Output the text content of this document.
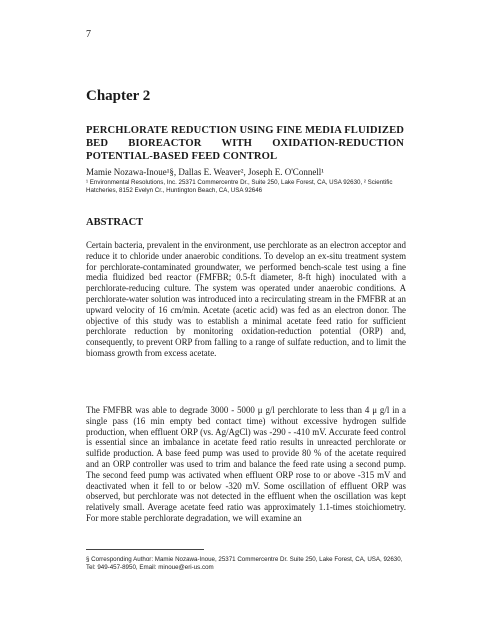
7
Chapter 2
PERCHLORATE REDUCTION USING FINE MEDIA FLUIDIZED BED BIOREACTOR WITH OXIDATION-REDUCTION POTENTIAL-BASED FEED CONTROL
Mamie Nozawa-Inoue¹§, Dallas E. Weaver², Joseph E. O'Connell¹
¹ Environmental Resolutions, Inc. 25371 Commercentre Dr., Suite 250, Lake Forest, CA, USA 92630, ² Scientific Hatcheries, 8152 Evelyn Cr., Huntington Beach, CA, USA 92646
ABSTRACT

Certain bacteria, prevalent in the environment, use perchlorate as an electron acceptor and reduce it to chloride under anaerobic conditions. To develop an ex-situ treatment system for perchlorate-contaminated groundwater, we performed bench-scale test using a fine media fluidized bed reactor (FMFBR; 0.5-ft diameter, 8-ft high) inoculated with a perchlorate-reducing culture. The system was operated under anaerobic conditions. A perchlorate-water solution was introduced into a recirculating stream in the FMFBR at an upward velocity of 16 cm/min. Acetate (acetic acid) was fed as an electron donor. The objective of this study was to establish a minimal acetate feed ratio for sufficient perchlorate reduction by monitoring oxidation-reduction potential (ORP) and, consequently, to prevent ORP from falling to a range of sulfate reduction, and to limit the biomass growth from excess acetate.

The FMFBR was able to degrade 3000 - 5000 μ g/l perchlorate to less than 4 μ g/l in a single pass (16 min empty bed contact time) without excessive hydrogen sulfide production, when effluent ORP (vs. Ag/AgCl) was -290 - -410 mV. Accurate feed control is essential since an imbalance in acetate feed ratio results in unreacted perchlorate or sulfide production. A base feed pump was used to provide 80 % of the acetate required and an ORP controller was used to trim and balance the feed rate using a second pump. The second feed pump was activated when effluent ORP rose to or above -315 mV and deactivated when it fell to or below -320 mV. Some oscillation of effluent ORP was observed, but perchlorate was not detected in the effluent when the oscillation was kept relatively small. Average acetate feed ratio was approximately 1.1-times stoichiometry. For more stable perchlorate degradation, we will examine an

§ Corresponding Author: Mamie Nozawa-Inoue, 25371 Commercentre Dr. Suite 250, Lake Forest, CA, USA, 92630, Tel: 949-457-8950, Email: minoue@eri-us.com
